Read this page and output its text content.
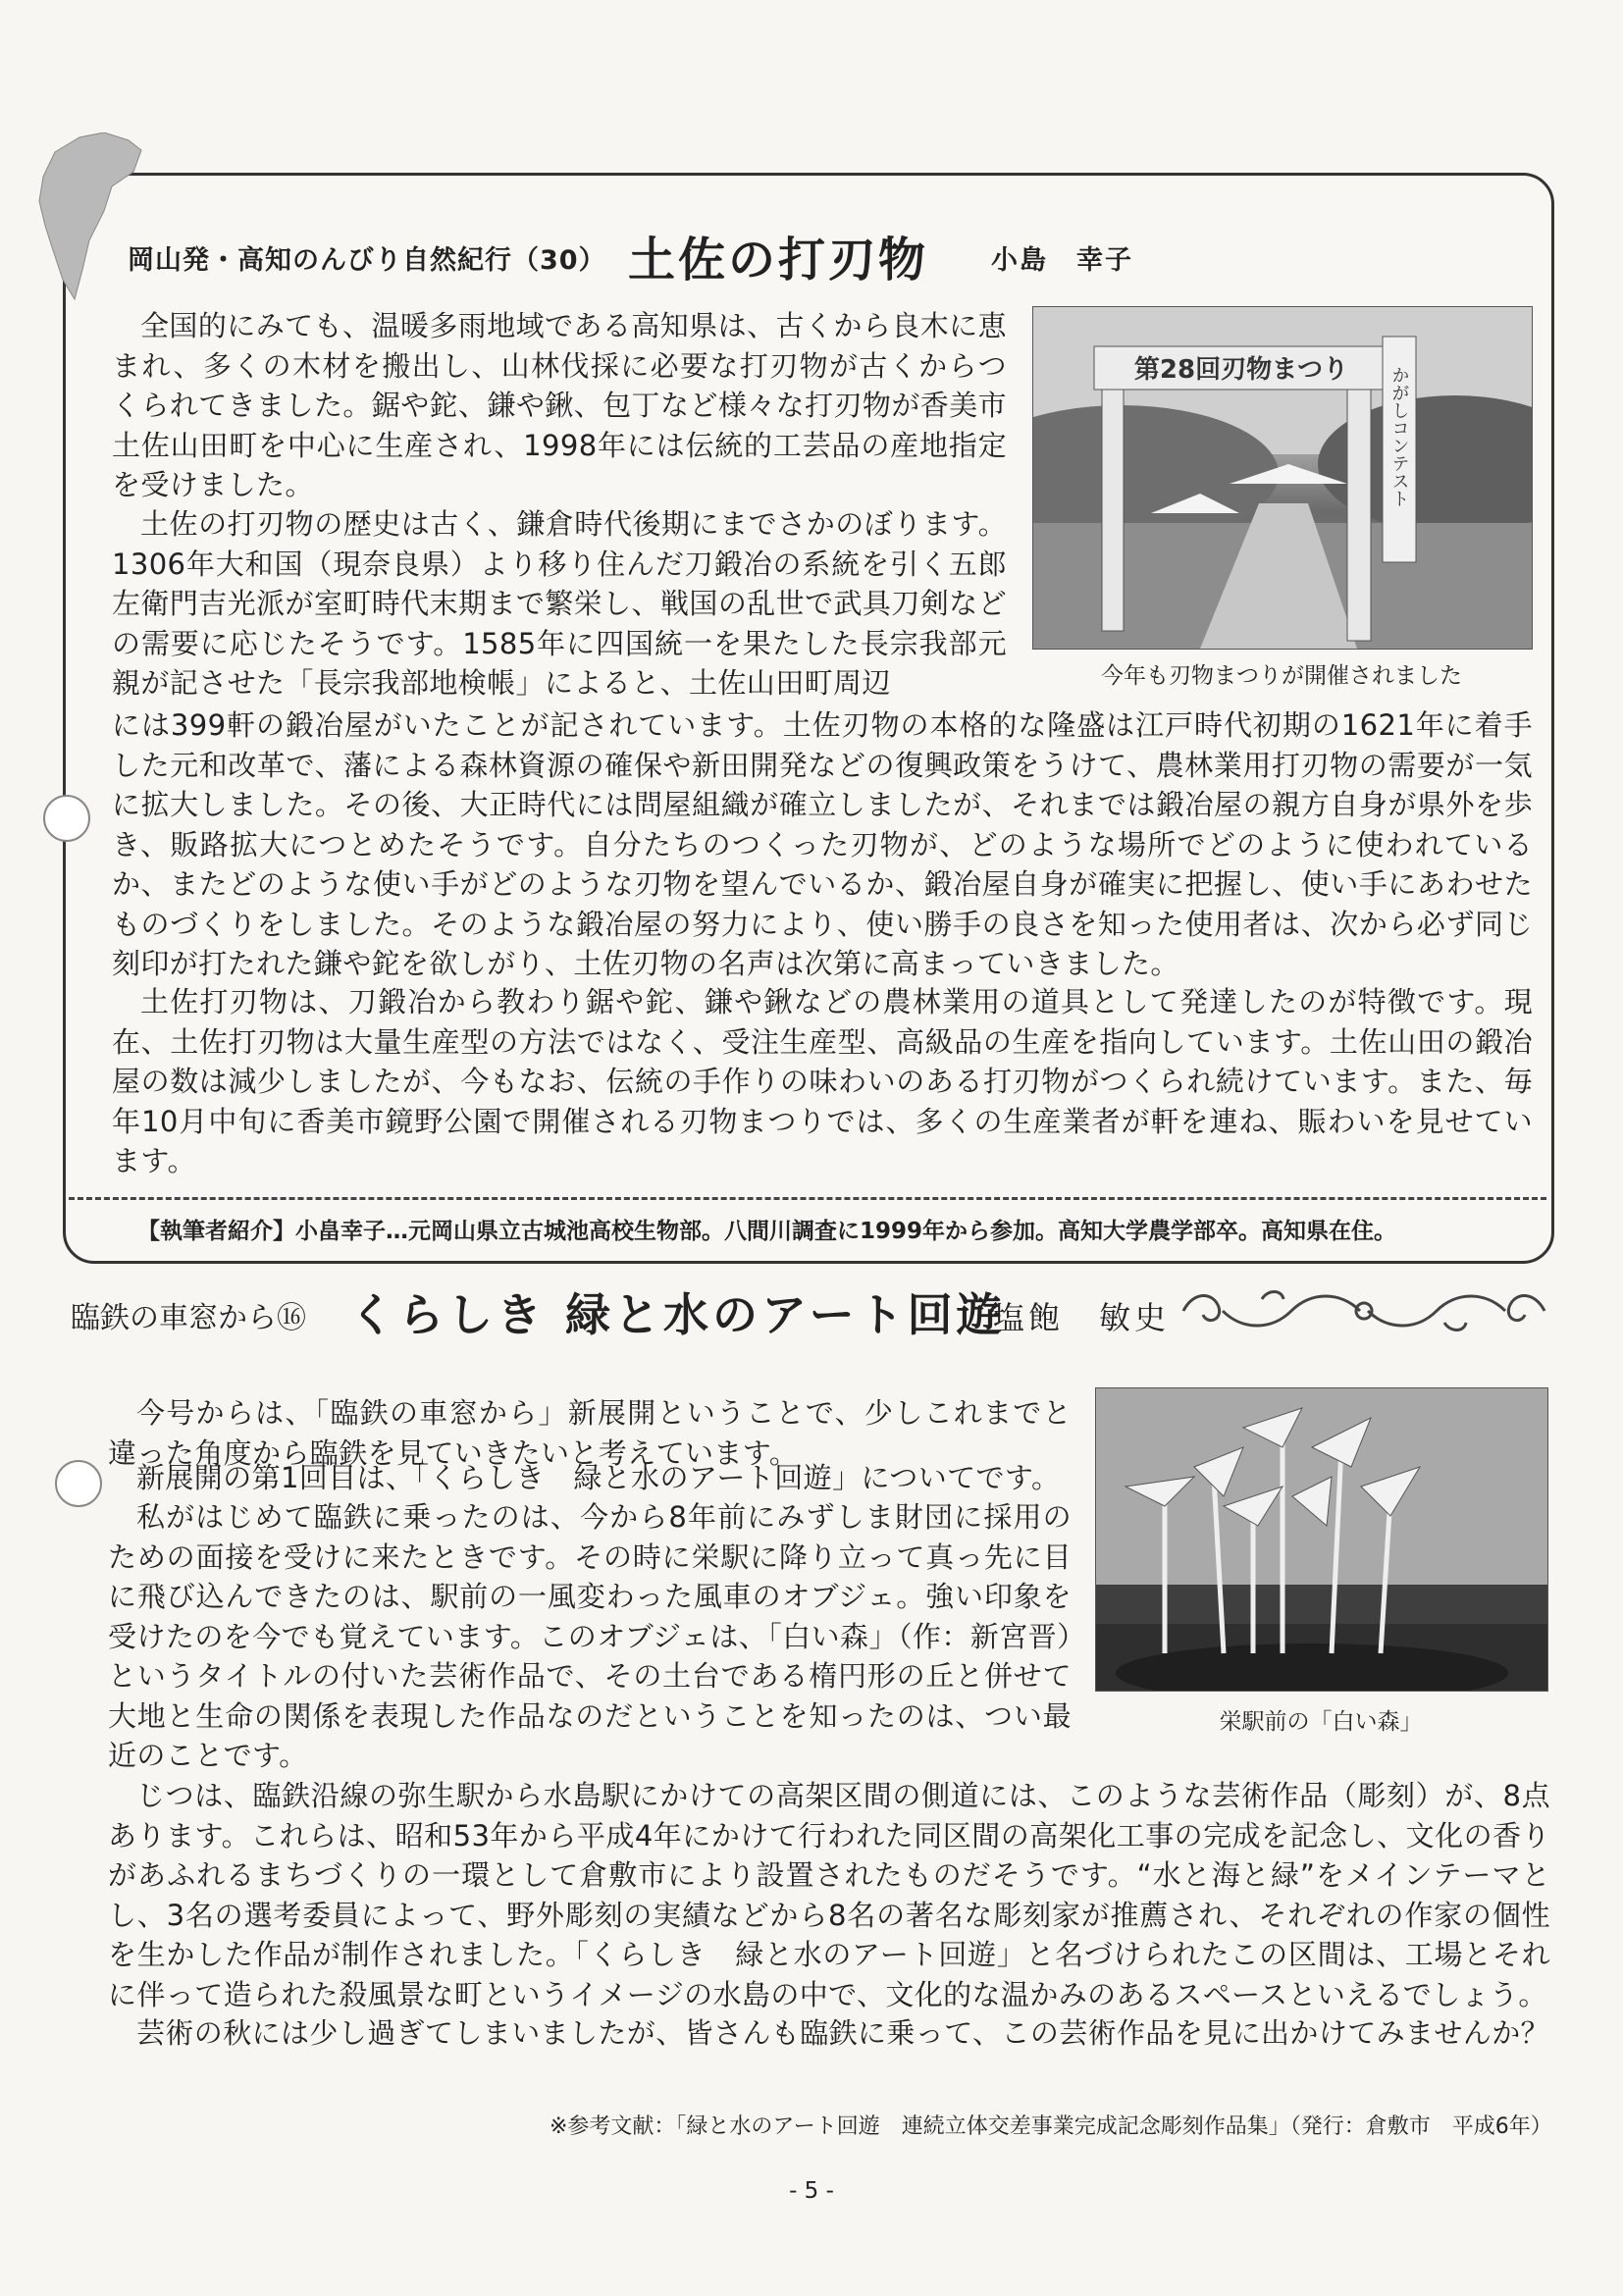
岡山発・高知のんびり自然紀行（30） 土佐の打刃物 小島　幸子

全国的にみても、温暖多雨地域である高知県は、古くから良木に恵まれ、多くの木材を搬出し、山林伐採に必要な打刃物が古くからつくられてきました。鋸や鉈、鎌や鍬、包丁など様々な打刃物が香美市土佐山田町を中心に生産され、1998年には伝統的工芸品の産地指定を受けました。

土佐の打刃物の歴史は古く、鎌倉時代後期にまでさかのぼります。1306年大和国（現奈良県）より移り住んだ刀鍛冶の系統を引く五郎左衛門吉光派が室町時代末期まで繁栄し、戦国の乱世で武具刀剣などの需要に応じたそうです。1585年に四国統一を果たした長宗我部元親が記させた「長宗我部地検帳」によると、土佐山田町周辺

には399軒の鍛冶屋がいたことが記されています。土佐刃物の本格的な隆盛は江戸時代初期の1621年に着手した元和改革で、藩による森林資源の確保や新田開発などの復興政策をうけて、農林業用打刃物の需要が一気に拡大しました。その後、大正時代には問屋組織が確立しましたが、それまでは鍛冶屋の親方自身が県外を歩き、販路拡大につとめたそうです。自分たちのつくった刃物が、どのような場所でどのように使われているか、またどのような使い手がどのような刃物を望んでいるか、鍛冶屋自身が確実に把握し、使い手にあわせたものづくりをしました。そのような鍛冶屋の努力により、使い勝手の良さを知った使用者は、次から必ず同じ刻印が打たれた鎌や鉈を欲しがり、土佐刃物の名声は次第に高まっていきました。

土佐打刃物は、刀鍛冶から教わり鋸や鉈、鎌や鍬などの農林業用の道具として発達したのが特徴です。現在、土佐打刃物は大量生産型の方法ではなく、受注生産型、高級品の生産を指向しています。土佐山田の鍛冶屋の数は減少しましたが、今もなお、伝統の手作りの味わいのある打刃物がつくられ続けています。また、毎年10月中旬に香美市鏡野公園で開催される刃物まつりでは、多くの生産業者が軒を連ね、賑わいを見せています。

第28回刃物まつり かがしコンテスト
今年も刃物まつりが開催されました
【執筆者紹介】小畠幸子…元岡山県立古城池高校生物部。八間川調査に1999年から参加。高知大学農学部卒。高知県在住。
臨鉄の車窓から⑯ くらしき 緑と水のアート回遊
塩飽　敏史

今号からは、「臨鉄の車窓から」新展開ということで、少しこれまでと違った角度から臨鉄を見ていきたいと考えています。

新展開の第1回目は、「くらしき　緑と水のアート回遊」についてです。

私がはじめて臨鉄に乗ったのは、今から8年前にみずしま財団に採用のための面接を受けに来たときです。その時に栄駅に降り立って真っ先に目に飛び込んできたのは、駅前の一風変わった風車のオブジェ。強い印象を受けたのを今でも覚えています。このオブジェは、「白い森」（作：新宮晋）というタイトルの付いた芸術作品で、その土台である楕円形の丘と併せて大地と生命の関係を表現した作品なのだということを知ったのは、つい最近のことです。

じつは、臨鉄沿線の弥生駅から水島駅にかけての高架区間の側道には、このような芸術作品（彫刻）が、8点あります。これらは、昭和53年から平成4年にかけて行われた同区間の高架化工事の完成を記念し、文化の香りがあふれるまちづくりの一環として倉敷市により設置されたものだそうです。“水と海と緑”をメインテーマとし、3名の選考委員によって、野外彫刻の実績などから8名の著名な彫刻家が推薦され、それぞれの作家の個性を生かした作品が制作されました。「くらしき　緑と水のアート回遊」と名づけられたこの区間は、工場とそれに伴って造られた殺風景な町というイメージの水島の中で、文化的な温かみのあるスペースといえるでしょう。

芸術の秋には少し過ぎてしまいましたが、皆さんも臨鉄に乗って、この芸術作品を見に出かけてみませんか？

栄駅前の「白い森」
※参考文献：「緑と水のアート回遊　連続立体交差事業完成記念彫刻作品集」（発行：倉敷市　平成6年）
- 5 -
